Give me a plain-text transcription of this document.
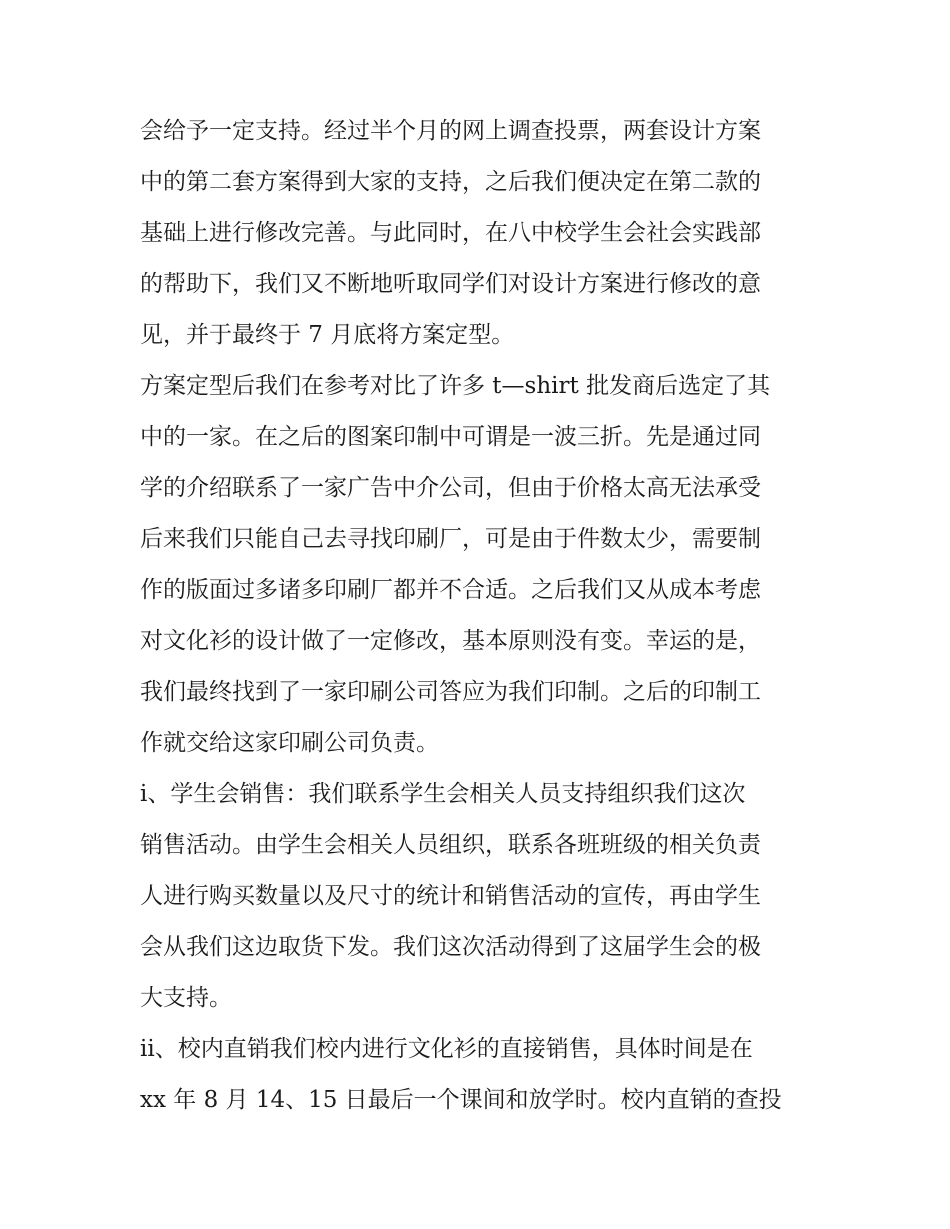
会给予一定支持。经过半个月的网上调查投票，两套设计方案
中的第二套方案得到大家的支持，之后我们便决定在第二款的
基础上进行修改完善。与此同时，在八中校学生会社会实践部
的帮助下，我们又不断地听取同学们对设计方案进行修改的意
见，并于最终于 7 月底将方案定型。
方案定型后我们在参考对比了许多 t—shirt 批发商后选定了其
中的一家。在之后的图案印制中可谓是一波三折。先是通过同
学的介绍联系了一家广告中介公司，但由于价格太高无法承受
后来我们只能自己去寻找印刷厂，可是由于件数太少，需要制
作的版面过多诸多印刷厂都并不合适。之后我们又从成本考虑
对文化衫的设计做了一定修改，基本原则没有变。幸运的是，
我们最终找到了一家印刷公司答应为我们印制。之后的印制工
作就交给这家印刷公司负责。
i、学生会销售：我们联系学生会相关人员支持组织我们这次
销售活动。由学生会相关人员组织，联系各班班级的相关负责
人进行购买数量以及尺寸的统计和销售活动的宣传，再由学生
会从我们这边取货下发。我们这次活动得到了这届学生会的极
大支持。
ii、校内直销我们校内进行文化衫的直接销售，具体时间是在
xx 年 8 月 14、15 日最后一个课间和放学时。校内直销的查投
